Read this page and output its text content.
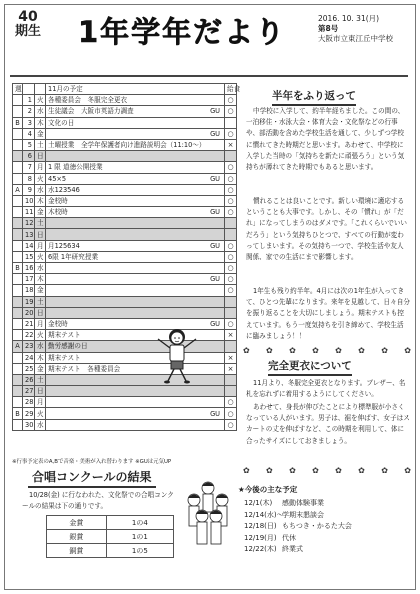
40
期生 1年学年だより	2016. 10. 31(月)
第8号
大阪市立東江丘中学校
週			11月の予定	給食
	1	火	各種委員会　冬服完全更衣	○
	2	水	生徒議会　大阪市英語力調査 GU	○
B	3	木	文化の日	

	4	金	GU	○
	5	土	土曜授業　全学年保護者向け進路説明会（11:10～）	×
	6	日	

	7	月	1 限 道徳公開授業	○
	8	火	45×5 GU	○
A	9	水	水123546	○
	10	木	金校時	○
	11	金	木校時 GU	○
	12	土	

	13	日	

	14	月	月125634 GU	○
	15	火	6限 1年研究授業	○
B	16	水		○
	17	木	GU	○
	18	金		○
	19	土	

	20	日	

	21	月	金校時 GU	○
	22	火	期末テスト	×
A	23	水	勤労感謝の日	

	24	木	期末テスト	×
	25	金	期末テスト　各種委員会	×
	26	土	

	27	日	

	28	月		○
B	29	火	GU	○
	30	水		○
※行事予定表のA,Bで音楽・美術が入れ替わります ※GUは元気UP
半年をふり返って
中学校に入学して、約半年経ちました。この間の、一泊移住・水泳大会・体育大会・文化祭などの行事や、部活動を含めた学校生活を通して、少しずつ学校に慣れてきた時期だと思います。あわせて、中学校に入学した当時の「気持ちを新たに頑張ろう」という気持ちが薄れてきた時期でもあると思います。
慣れることは良いことです。新しい環境に適応するということも大事です。しかし、その「慣れ」が「だれ」になってしまうのはダメです。「これくらいでいいだろう」という気持ちひとつで、すべての行動が変わってしまいます。その気持ち一つで、学校生活や友人関係、家での生活にまで影響します。
1年生も残り約半年。4月には次の1年生が入ってきて、ひとつ先輩になります。来年を見越して、日々自分を振り返ることを大切にしましょう。期末テストも控えています。もう一度気持ちを引き締めて、学校生活に臨みましょう！！
✿ ✿ ✿ ✿ ✿ ✿ ✿ ✿
完全更衣について
11月より、冬服完全更衣となります。ブレザー、名札を忘れずに着用するようにしてください。
あわせて、身長が伸びたことにより標準服が小さくなっている人がいます。男子は、裾を伸ばす、女子はスカートの丈を伸ばすなど、この時期を利用して、体に合ったサイズにしておきましょう。
✿ ✿ ✿ ✿ ✿ ✿ ✿ ✿
合唱コンクールの結果
10/28(金) に行なわれた、文化祭での合唱コンクールの結果は下の通りです。
金賞	1の4
銀賞	1の1
銅賞	1の5
★今後の主な予定
12/1(木) 感動体験事業
12/14(水)～学期末懇談会
12/18(日) もちつき・かるた大会
12/19(月) 代休
12/22(木) 終業式
